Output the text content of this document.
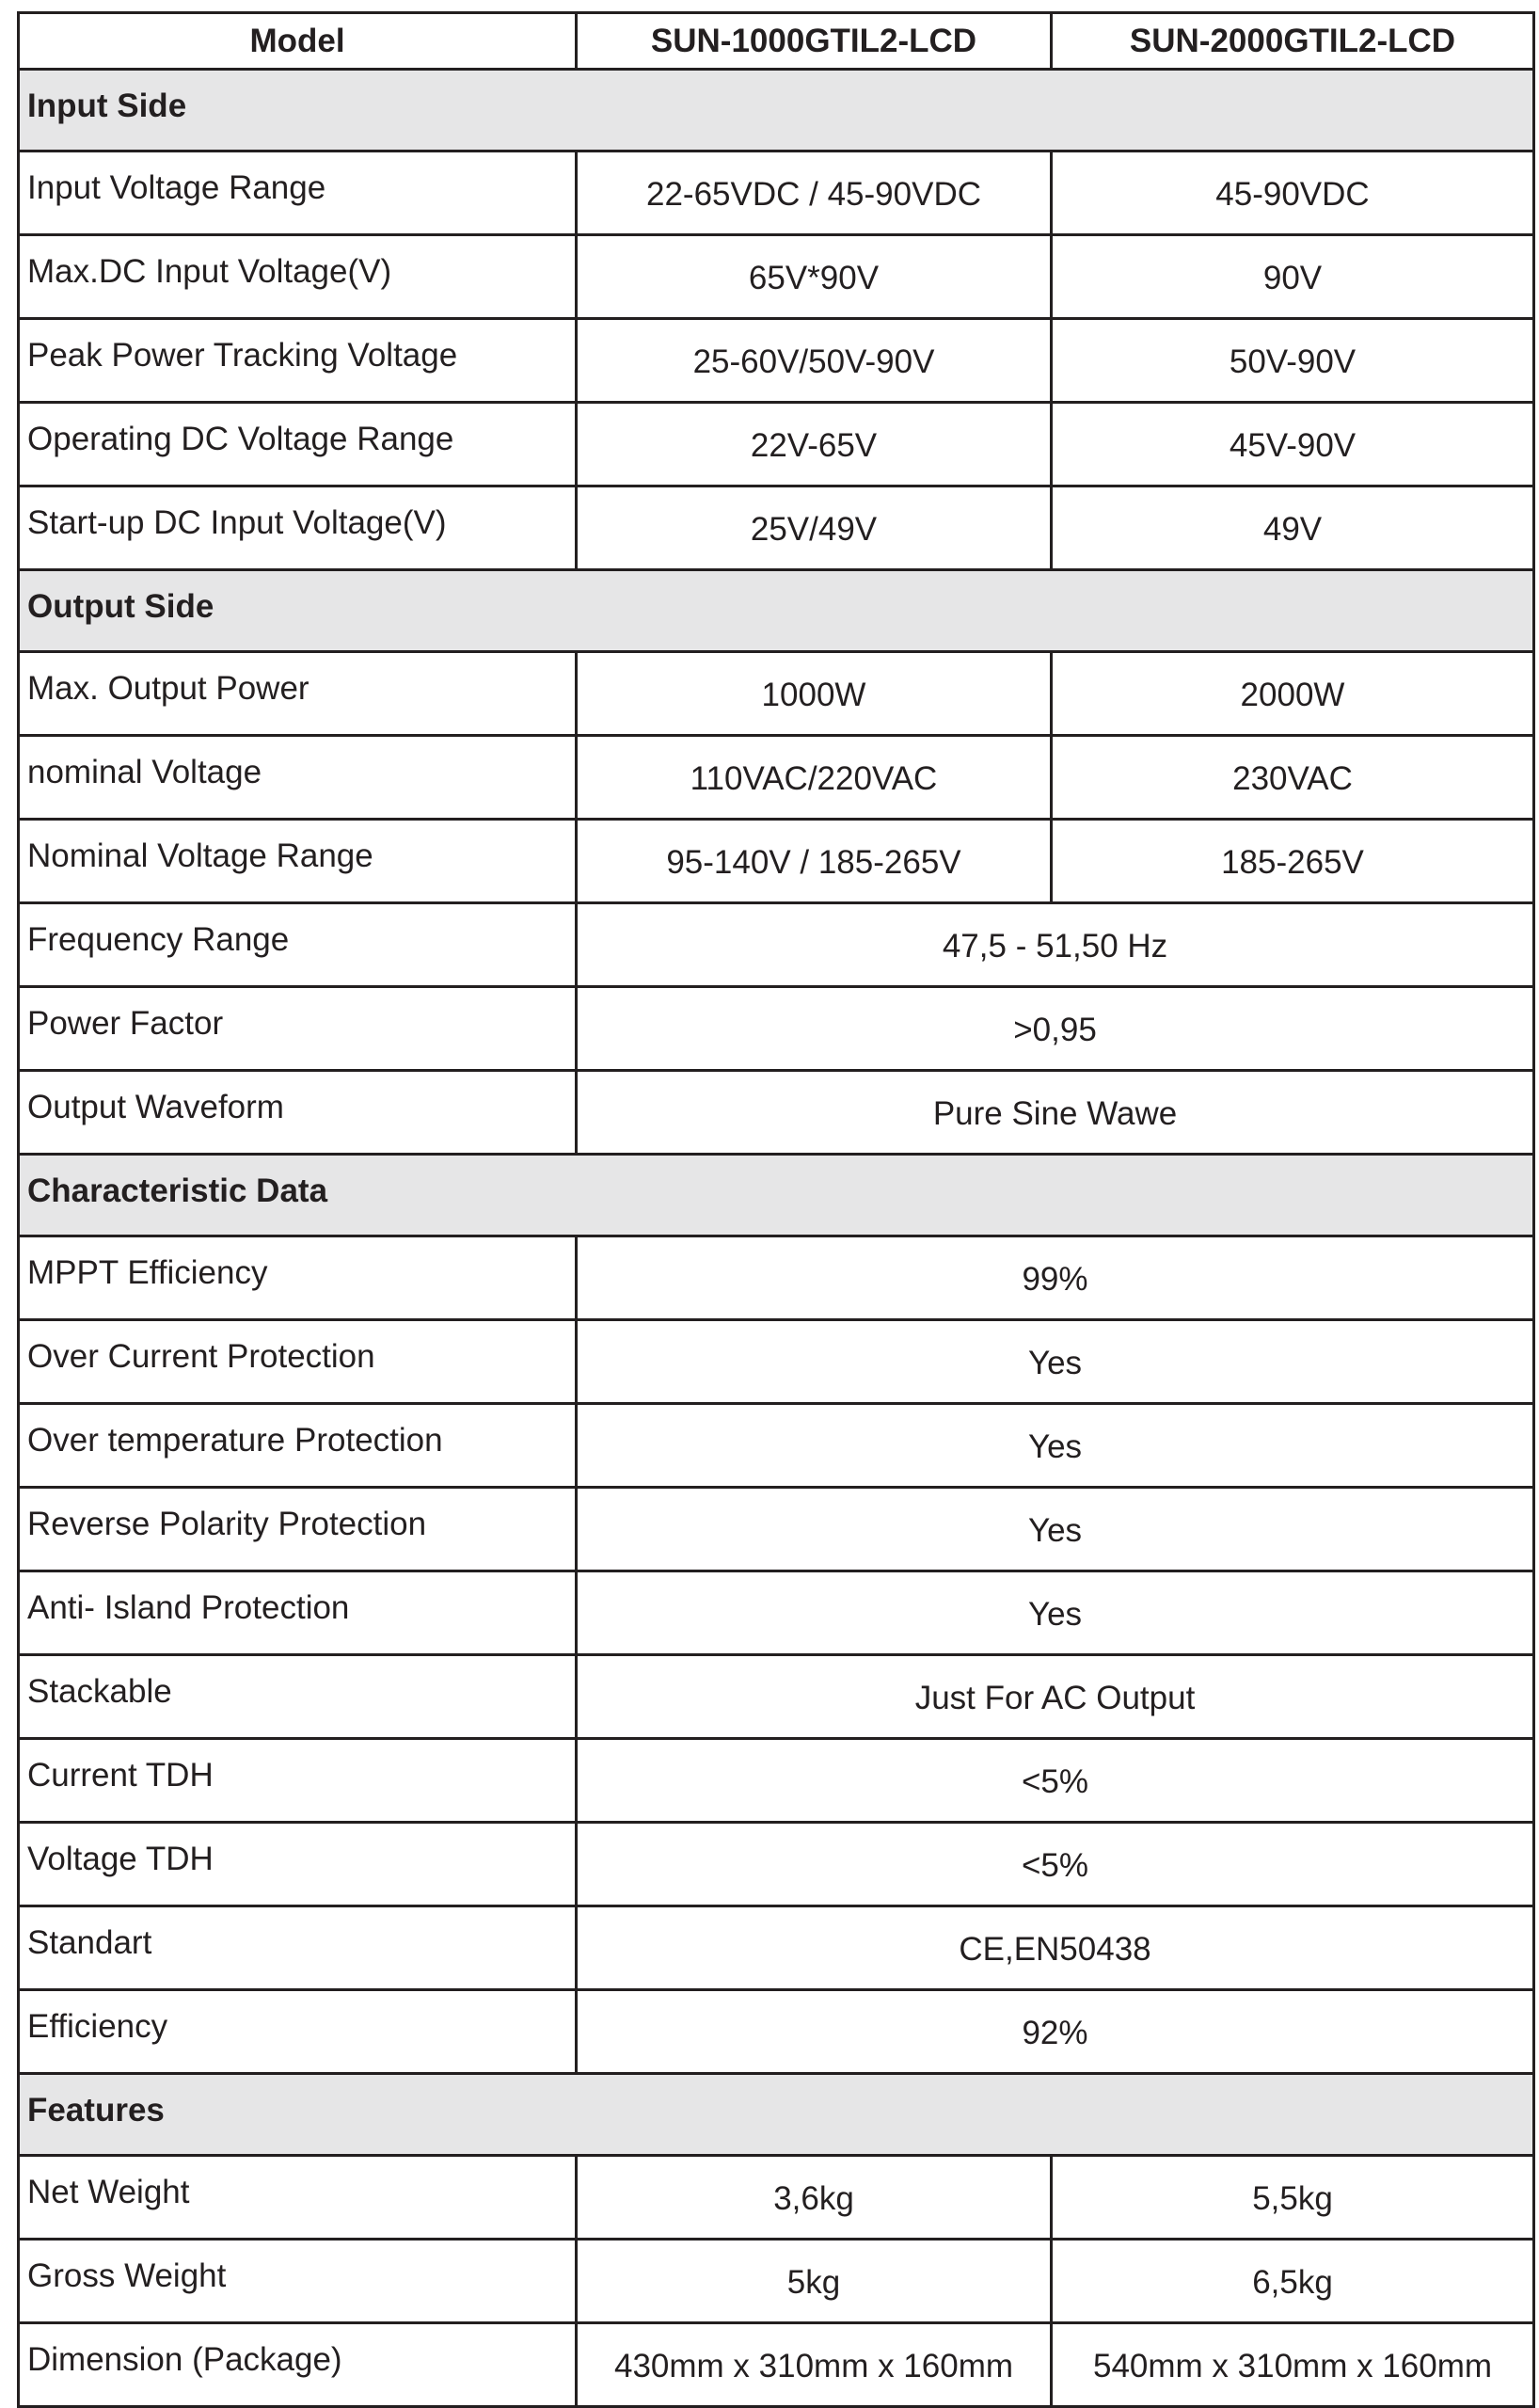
Model	SUN-1000GTIL2-LCD	SUN-2000GTIL2-LCD
Input Side		
Input Voltage Range	22-65VDC / 45-90VDC	45-90VDC
Max.DC Input Voltage(V)	65V*90V	90V
Peak Power Tracking Voltage	25-60V/50V-90V	50V-90V
Operating DC Voltage Range	22V-65V	45V-90V
Start-up DC Input Voltage(V)	25V/49V	49V
Output Side		
Max. Output Power	1000W	2000W
nominal Voltage	110VAC/220VAC	230VAC
Nominal Voltage Range	95-140V / 185-265V	185-265V
Frequency Range	47,5 - 51,50 Hz	
Power Factor	>0,95	
Output Waveform	Pure Sine Wawe	
Characteristic Data		
MPPT Efficiency	99%	
Over Current Protection	Yes	
Over temperature Protection	Yes	
Reverse Polarity Protection	Yes	
Anti- Island Protection	Yes	
Stackable	Just For AC Output	
Current TDH	<5%	
Voltage TDH	<5%	
Standart	CE,EN50438	
Efficiency	92%	
Features		
Net Weight	3,6kg	5,5kg
Gross Weight	5kg	6,5kg
Dimension (Package)	430mm x 310mm x 160mm	540mm x 310mm x 160mm
